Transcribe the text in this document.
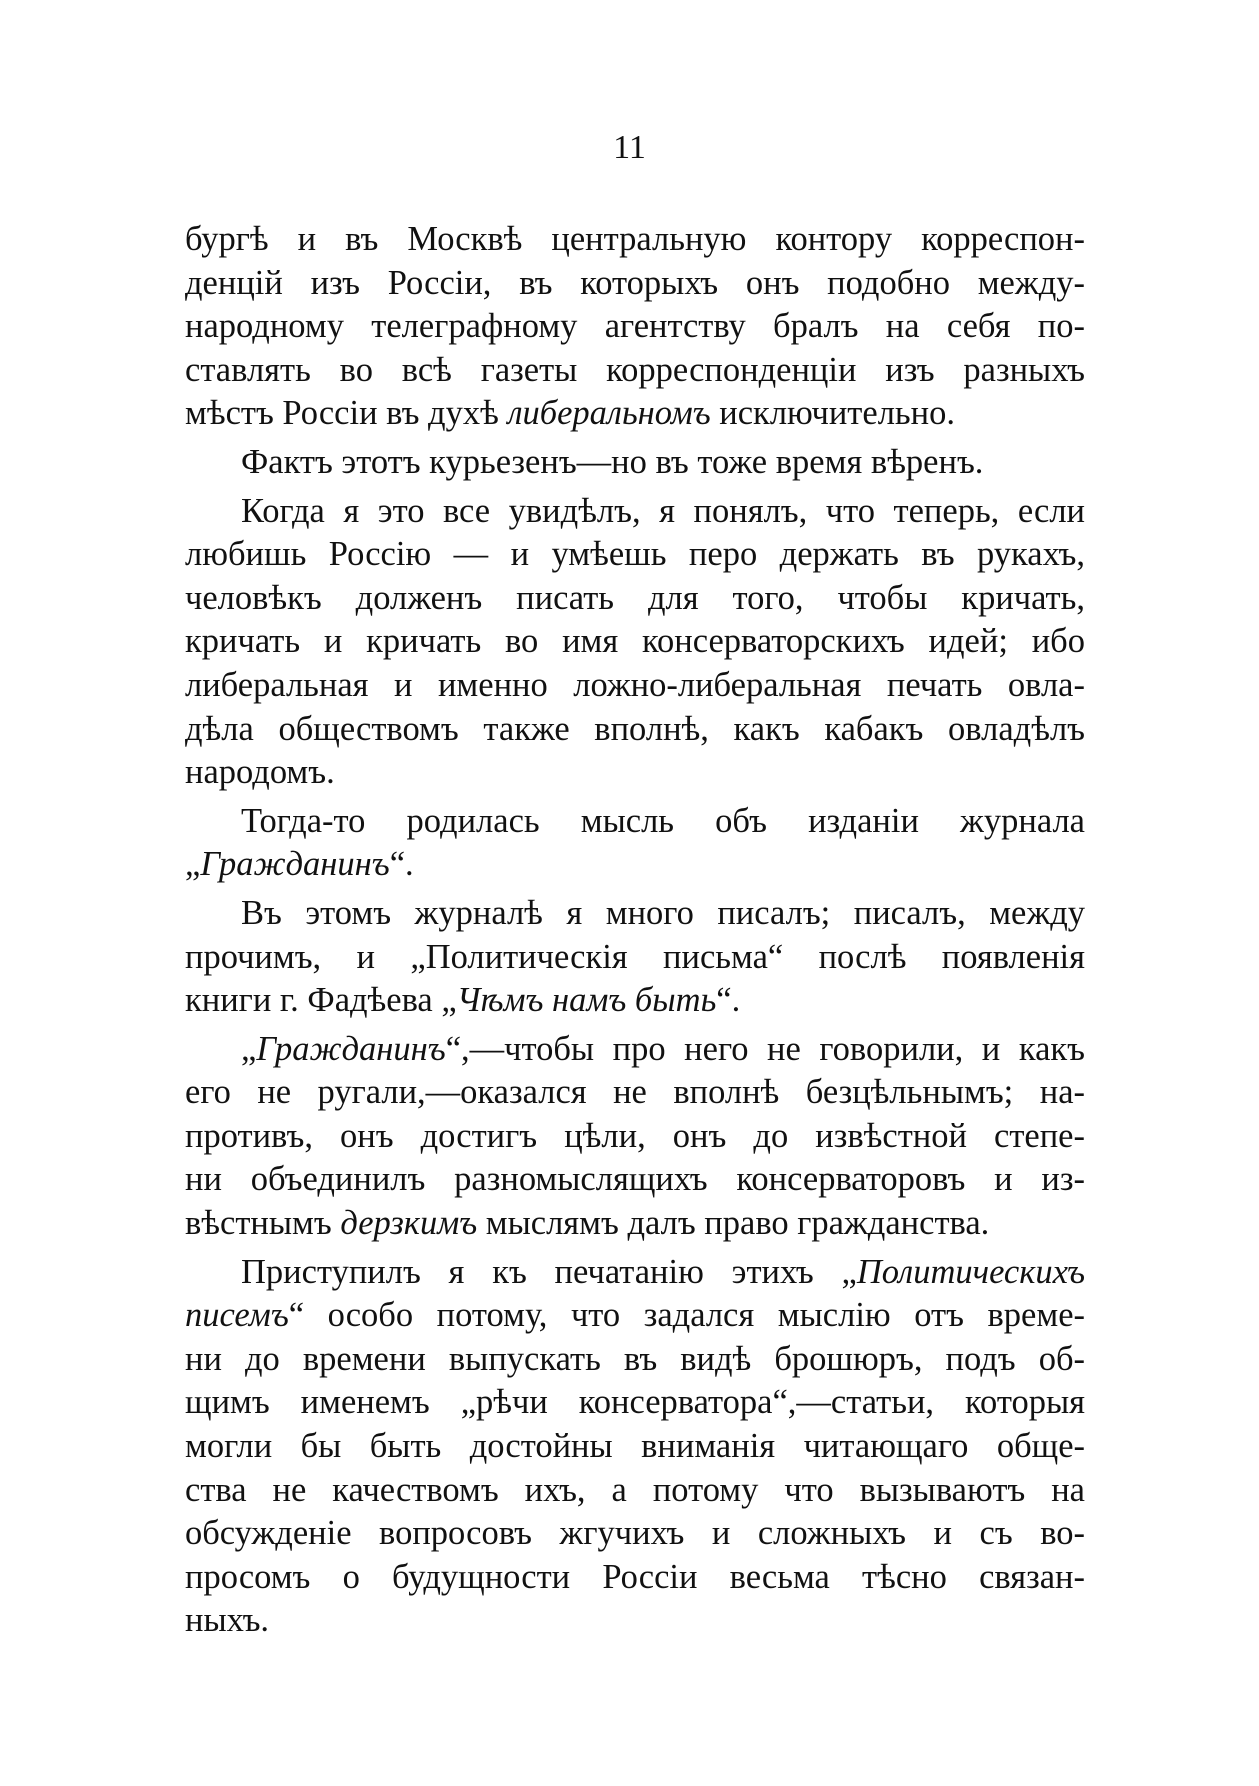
11
бургѣ и въ Москвѣ центральную контору корреспон-
денцій изъ Россіи, въ которыхъ онъ подобно между-
народному телеграфному агентству бралъ на себя по-
ставлять во всѣ газеты корреспонденціи изъ разныхъ
мѣстъ Россіи въ духѣ либеральномъ исключительно.
Фактъ этотъ курьезенъ—но въ тоже время вѣренъ.
Когда я это все увидѣлъ, я понялъ, что теперь, если
любишь Россію — и умѣешь перо держать въ рукахъ,
человѣкъ долженъ писать для того, чтобы кричать,
кричать и кричать во имя консерваторскихъ идей; ибо
либеральная и именно ложно-либеральная печать овла-
дѣла обществомъ также вполнѣ, какъ кабакъ овладѣлъ
народомъ.
Тогда-то родилась мысль объ изданіи журнала
„Гражданинъ“.
Въ этомъ журналѣ я много писалъ; писалъ, между
прочимъ, и „Политическія письма“ послѣ появленія
книги г. Фадѣева „Чѣмъ намъ быть“.
„Гражданинъ“,—чтобы про него не говорили, и какъ
его не ругали,—оказался не вполнѣ безцѣльнымъ; на-
противъ, онъ достигъ цѣли, онъ до извѣстной степе-
ни объединилъ разномыслящихъ консерваторовъ и из-
вѣстнымъ дерзкимъ мыслямъ далъ право гражданства.
Приступилъ я къ печатанію этихъ „Политическихъ
писемъ“ особо потому, что задался мыслію отъ време-
ни до времени выпускать въ видѣ брошюръ, подъ об-
щимъ именемъ „рѣчи консерватора“,—статьи, которыя
могли бы быть достойны вниманія читающаго обще-
ства не качествомъ ихъ, а потому что вызываютъ на
обсужденіе вопросовъ жгучихъ и сложныхъ и съ во-
просомъ о будущности Россіи весьма тѣсно связан-
ныхъ.
